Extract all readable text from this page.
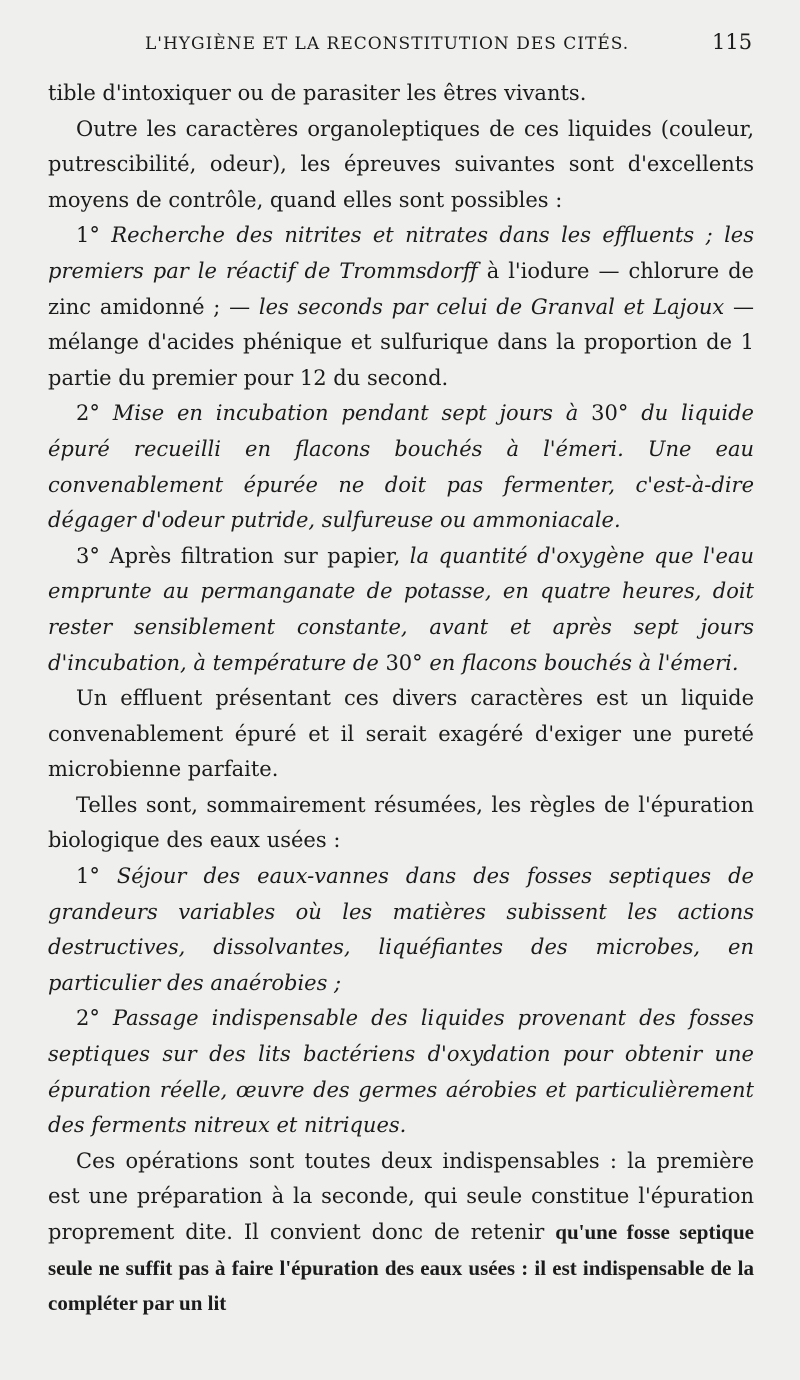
L'HYGIÈNE ET LA RECONSTITUTION DES CITÉS.	115

tible d'intoxiquer ou de parasiter les êtres vivants.

Outre les caractères organoleptiques de ces liquides (couleur, putrescibilité, odeur), les épreuves suivantes sont d'excellents moyens de contrôle, quand elles sont possibles :

1° Recherche des nitrites et nitrates dans les effluents ; les premiers par le réactif de Trommsdorff à l'iodure — chlorure de zinc amidonné ; — les seconds par celui de Granval et Lajoux — mélange d'acides phénique et sulfurique dans la proportion de 1 partie du premier pour 12 du second.

2° Mise en incubation pendant sept jours à 30° du liquide épuré recueilli en flacons bouchés à l'émeri. Une eau convenablement épurée ne doit pas fermenter, c'est-à-dire dégager d'odeur putride, sulfureuse ou ammoniacale.

3° Après filtration sur papier, la quantité d'oxygène que l'eau emprunte au permanganate de potasse, en quatre heures, doit rester sensiblement constante, avant et après sept jours d'incubation, à température de 30° en flacons bouchés à l'émeri.

Un effluent présentant ces divers caractères est un liquide convenablement épuré et il serait exagéré d'exiger une pureté microbienne parfaite.

Telles sont, sommairement résumées, les règles de l'épuration biologique des eaux usées :

1° Séjour des eaux-vannes dans des fosses septiques de grandeurs variables où les matières subissent les actions destructives, dissolvantes, liquéfiantes des microbes, en particulier des anaérobies ;

2° Passage indispensable des liquides provenant des fosses septiques sur des lits bactériens d'oxydation pour obtenir une épuration réelle, œuvre des germes aérobies et particulièrement des ferments nitreux et nitriques.

Ces opérations sont toutes deux indispensables : la première est une préparation à la seconde, qui seule constitue l'épuration proprement dite. Il convient donc de retenir qu'une fosse septique seule ne suffit pas à faire l'épuration des eaux usées : il est indispensable de la compléter par un lit
